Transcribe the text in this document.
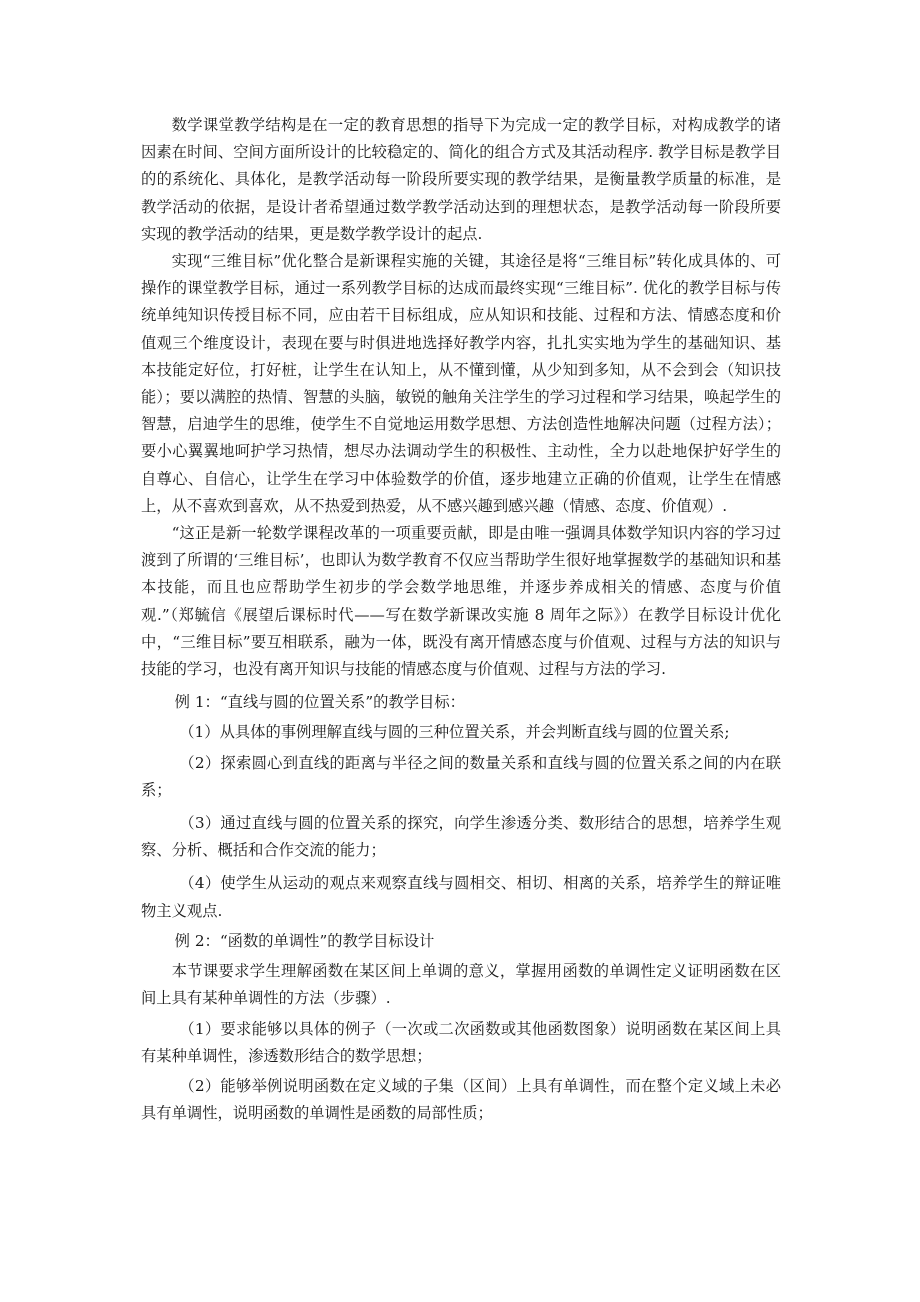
数学课堂教学结构是在一定的教育思想的指导下为完成一定的教学目标，对构成教学的诸因素在时间、空间方面所设计的比较稳定的、简化的组合方式及其活动程序. 教学目标是教学目的的系统化、具体化，是教学活动每一阶段所要实现的教学结果，是衡量教学质量的标准，是教学活动的依据，是设计者希望通过数学教学活动达到的理想状态，是教学活动每一阶段所要实现的教学活动的结果，更是数学教学设计的起点.

实现“三维目标”优化整合是新课程实施的关键，其途径是将“三维目标”转化成具体的、可操作的课堂教学目标，通过一系列教学目标的达成而最终实现“三维目标”. 优化的教学目标与传统单纯知识传授目标不同，应由若干目标组成，应从知识和技能、过程和方法、情感态度和价值观三个维度设计，表现在要与时俱进地选择好教学内容，扎扎实实地为学生的基础知识、基本技能定好位，打好桩，让学生在认知上，从不懂到懂，从少知到多知，从不会到会（知识技能）；要以满腔的热情、智慧的头脑，敏锐的触角关注学生的学习过程和学习结果，唤起学生的智慧，启迪学生的思维，使学生不自觉地运用数学思想、方法创造性地解决问题（过程方法）；要小心翼翼地呵护学习热情，想尽办法调动学生的积极性、主动性，全力以赴地保护好学生的自尊心、自信心，让学生在学习中体验数学的价值，逐步地建立正确的价值观，让学生在情感上，从不喜欢到喜欢，从不热爱到热爱，从不感兴趣到感兴趣（情感、态度、价值观）.

“这正是新一轮数学课程改革的一项重要贡献，即是由唯一强调具体数学知识内容的学习过渡到了所谓的‘三维目标’，也即认为数学教育不仅应当帮助学生很好地掌握数学的基础知识和基本技能，而且也应帮助学生初步的学会数学地思维，并逐步养成相关的情感、态度与价值观.”（郑毓信《展望后课标时代——写在数学新课改实施 8 周年之际》）在教学目标设计优化中，“三维目标”要互相联系，融为一体，既没有离开情感态度与价值观、过程与方法的知识与技能的学习，也没有离开知识与技能的情感态度与价值观、过程与方法的学习.

例 1：“直线与圆的位置关系”的教学目标：

（1）从具体的事例理解直线与圆的三种位置关系，并会判断直线与圆的位置关系;

（2）探索圆心到直线的距离与半径之间的数量关系和直线与圆的位置关系之间的内在联系；

（3）通过直线与圆的位置关系的探究，向学生渗透分类、数形结合的思想，培养学生观察、分析、概括和合作交流的能力；

（4）使学生从运动的观点来观察直线与圆相交、相切、相离的关系，培养学生的辩证唯物主义观点.

例 2：“函数的单调性”的教学目标设计

本节课要求学生理解函数在某区间上单调的意义，掌握用函数的单调性定义证明函数在区间上具有某种单调性的方法（步骤）.

（1）要求能够以具体的例子（一次或二次函数或其他函数图象）说明函数在某区间上具有某种单调性，渗透数形结合的数学思想；

（2）能够举例说明函数在定义域的子集（区间）上具有单调性，而在整个定义域上未必具有单调性，说明函数的单调性是函数的局部性质；
